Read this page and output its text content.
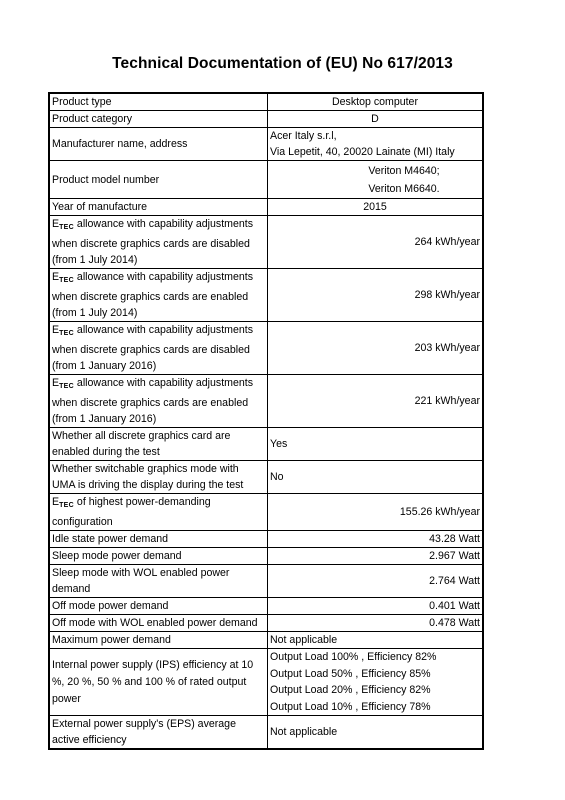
Technical Documentation of (EU) No 617/2013
Product type	Desktop computer
Product category	D
Manufacturer name, address	Acer Italy s.r.l,
Via Lepetit, 40, 20020 Lainate (MI) Italy

Product model number	Veriton M4640;
Veriton M6640.

Year of manufacture	2015
$E_{TEC}$ allowance with capability adjustments when discrete graphics cards are disabled (from 1 July 2014)	264 kWh/year
$E_{TEC}$ allowance with capability adjustments when discrete graphics cards are enabled (from 1 July 2014)	298 kWh/year
$E_{TEC}$ allowance with capability adjustments when discrete graphics cards are disabled (from 1 January 2016)	203 kWh/year
$E_{TEC}$ allowance with capability adjustments when discrete graphics cards are enabled (from 1 January 2016)	221 kWh/year
Whether all discrete graphics card are enabled during the test	Yes
Whether switchable graphics mode with UMA is driving the display during the test	No
$E_{TEC}$ of highest power-demanding configuration	155.26 kWh/year
Idle state power demand	43.28 Watt
Sleep mode power demand	2.967 Watt
Sleep mode with WOL enabled power demand	2.764 Watt
Off mode power demand	0.401 Watt
Off mode with WOL enabled power demand	0.478 Watt
Maximum power demand	Not applicable
Internal power supply (IPS) efficiency at 10 %, 20 %, 50 % and 100 % of rated output power	Output Load 100% , Efficiency 82%
Output Load 50% , Efficiency 85%
Output Load 20% , Efficiency 82%
Output Load 10% , Efficiency 78%

External power supply's (EPS) average active efficiency	Not applicable
